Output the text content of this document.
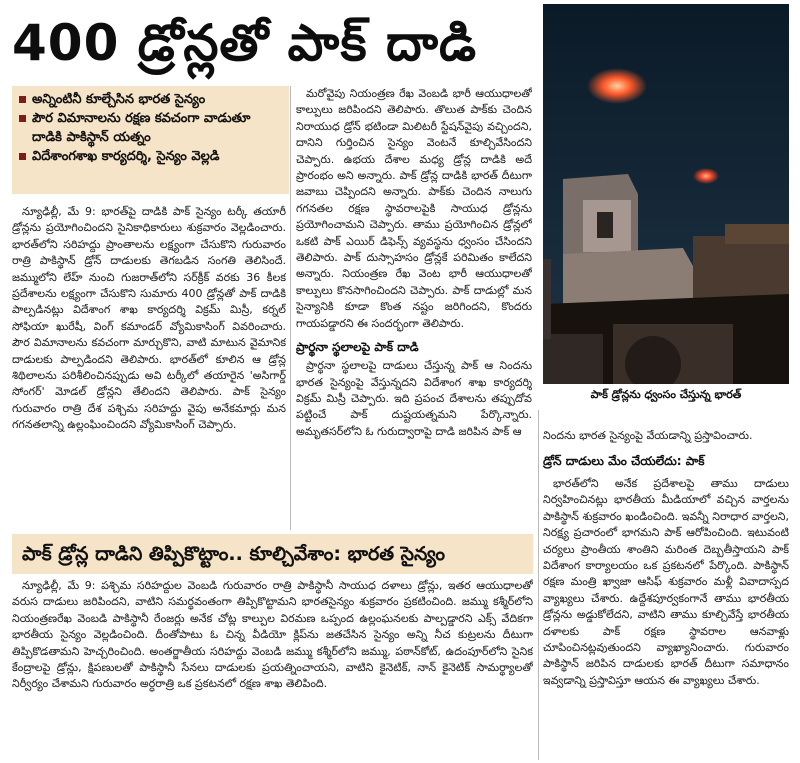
400 డ్రోన్లతో పాక్ దాడి
అన్నింటినీ కూల్చేసిన భారత సైన్యం
పౌర విమానాలను రక్షణ కవచంగా వాడుతూ దాడికి పాకిస్థాన్ యత్నం
విదేశాంగశాఖ కార్యదర్శి, సైన్యం వెల్లడి

న్యూఢిల్లీ, మే 9: భారత్‌పై దాడికి పాక్ సైన్యం టర్కీ తయారీ డ్రోన్లను ప్రయోగించిందని సైనికాధికారులు శుక్రవారం వెల్లడించారు. భారత్‌లోని సరిహద్దు ప్రాంతాలను లక్ష్యంగా చేసుకొని గురువారం రాత్రి పాకిస్థాన్ డ్రోన్ దాడులకు తెగబడిన సంగతి తెలిసిందే. జమ్ములోని లేహ్ నుంచి గుజరాత్‌లోని సర్‌క్రీక్ వరకు 36 కీలక ప్రదేశాలను లక్ష్యంగా చేసుకొని సుమారు 400 డ్రోన్లతో పాక్ దాడికి పాల్పడినట్లు విదేశాంగ శాఖ కార్యదర్శి విక్రమ్ మిస్రీ, కర్నల్ సోఫియా ఖురేషీ, వింగ్ కమాండర్ వ్యోమికాసింగ్ వివరించారు. పౌర విమానాలను కవచంగా మార్చుకొని, వాటి మాటున వైమానిక దాడులకు పాల్పడిందని తెలిపారు. భారత్‌లో కూలిన ఆ డ్రోన్ల శిథిలాలను పరిశీలించినప్పుడు అవి టర్కీలో తయారైన 'అసిగార్డ్ సోంగర్' మోడల్ డ్రోన్లని తేలిందని తెలిపారు. పాక్ సైన్యం గురువారం రాత్రి దేశ పశ్చిమ సరిహద్దు వైపు అనేకమార్లు మన గగనతలాన్ని ఉల్లంఘించిందని వ్యోమికాసింగ్ చెప్పారు.

మరోవైపు నియంత్రణ రేఖ వెంబడి భారీ ఆయుధాలతో కాల్పులు జరిపిందని తెలిపారు. తొలుత పాక్‌కు చెందిన నిరాయుధ డ్రోన్ భటిండా మిలిటరీ స్టేషన్‌వైపు వచ్చిందని, దానిని గుర్తించిన సైన్యం వెంటనే కూల్చివేసిందని చెప్పారు. ఉభయ దేశాల మధ్య డ్రోన్ల దాడికి అదే ప్రారంభం అని అన్నారు. పాక్ డ్రోన్ల దాడికి భారత్ దీటుగా జవాబు చెప్పిందని అన్నారు. పాక్‌కు చెందిన నాలుగు గగనతల రక్షణ స్థావరాలపైకి సాయుధ డ్రోన్లను ప్రయోగించామని చెప్పారు. తాము ప్రయోగించిన డ్రోన్లలో ఒకటి పాక్ ఎయిర్ డిఫెన్స్ వ్యవస్థను ధ్వంసం చేసిందని తెలిపారు. పాక్ దుస్సాహసం డ్రోన్లకే పరిమితం కాలేదని అన్నారు. నియంత్రణ రేఖ వెంట భారీ ఆయుధాలతో కాల్పులు కొనసాగించిందని చెప్పారు. పాక్ దాడుల్లో మన సైన్యానికి కూడా కొంత నష్టం జరిగిందని, కొందరు గాయపడ్డారని ఈ సందర్భంగా తెలిపారు.

ప్రార్థనా స్థలాలపై పాక్ దాడి

ప్రార్థనా స్థలాలపై దాడులు చేస్తున్న పాక్ ఆ నిందను భారత సైన్యంపై వేస్తున్నదని విదేశాంగ శాఖ కార్యదర్శి విక్రమ్ మిస్రీ చెప్పారు. ఇది ప్రపంచ దేశాలను తప్పుదోవ పట్టించే పాక్ దుష్టయత్నమని పేర్కొన్నారు. అమృతసర్‌లోని ఓ గురుద్వారాపై దాడి జరిపిన పాక్ ఆ

పాక్ డ్రోన్లను ధ్వంసం చేస్తున్న భారత్

నిందను భారత సైన్యంపై వేయడాన్ని ప్రస్తావించారు.

డ్రోన్ దాడులు మేం చేయలేదు: పాక్

భారత్‌లోని అనేక ప్రదేశాలపై తాము దాడులు నిర్వహించినట్లు భారతీయ మీడియాలో వచ్చిన వార్తలను పాకిస్థాన్ శుక్రవారం ఖండించింది. ఇవన్నీ నిరాధార వార్తలని, నిరక్ష్య ప్రచారంలో భాగమని పాక్ ఆరోపించింది. ఇటువంటి చర్యలు ప్రాంతీయ శాంతిని మరింత దెబ్బతీస్తాయని పాక్ విదేశాంగ కార్యాలయం ఒక ప్రకటనలో పేర్కొంది. పాకిస్థాన్ రక్షణ మంత్రి ఖ్వాజా ఆసిఫ్ శుక్రవారం మళ్లీ వివాదాస్పద వ్యాఖ్యలు చేశారు. ఉద్దేశపూర్వకంగానే తాము భారతీయ డ్రోన్లను అడ్డుకోలేదని, వాటిని తాము కూల్చివేస్తే భారతీయ దళాలకు పాక్ రక్షణ స్థావరాల ఆనవాళ్లు చూపించినట్లవుతుందని వ్యాఖ్యానించారు. గురువారం పాకిస్థాన్ జరిపిన దాడులకు భారత్ దీటుగా సమాధానం ఇవ్వడాన్ని ప్రస్తావిస్తూ ఆయన ఈ వ్యాఖ్యలు చేశారు.

పాక్ డ్రోన్ల దాడిని తిప్పికొట్టాం.. కూల్చివేశాం: భారత సైన్యం

న్యూఢిల్లీ, మే 9: పశ్చిమ సరిహద్దుల వెంబడి గురువారం రాత్రి పాకిస్థానీ సాయుధ దళాలు డ్రోన్లు, ఇతర ఆయుధాలతో వరుస దాడులు జరిపిందని, వాటిని సమర్థవంతంగా తిప్పికొట్టామని భారతసైన్యం శుక్రవారం ప్రకటించింది. జమ్ము కశ్మీర్‌లోని నియంత్రణరేఖ వెంబడి పాకిస్థానీ రేంజర్లు అనేక చోట్ల కాల్పుల విరమణ ఒప్పంద ఉల్లంఘనలకు పాల్పడ్డారని ఎక్స్ వేదికగా భారతీయ సైన్యం వెల్లడించింది. దీంతోపాటు ఓ చిన్న వీడియో క్లిప్‌ను జతచేసిన సైన్యం అన్ని నీచ కుట్రలను దీటుగా తిప్పికొడతామని హెచ్చరించింది. అంతర్జాతీయ సరిహద్దు వెంబడి జమ్ము కశ్మీర్‌లోని జమ్ము, పఠాన్‌కోట్, ఉదంపూర్‌లోని సైనిక కేంద్రాలపై డ్రోన్లు, క్షిపణులతో పాకిస్థానీ సేనలు దాడులకు ప్రయత్నించాయని, వాటిని కైనెటిక్, నాన్ కైనెటిక్ సామర్థ్యాలతో నిర్వీర్యం చేశామని గురువారం అర్ధరాత్రి ఒక ప్రకటనలో రక్షణ శాఖ తెలిపింది.
